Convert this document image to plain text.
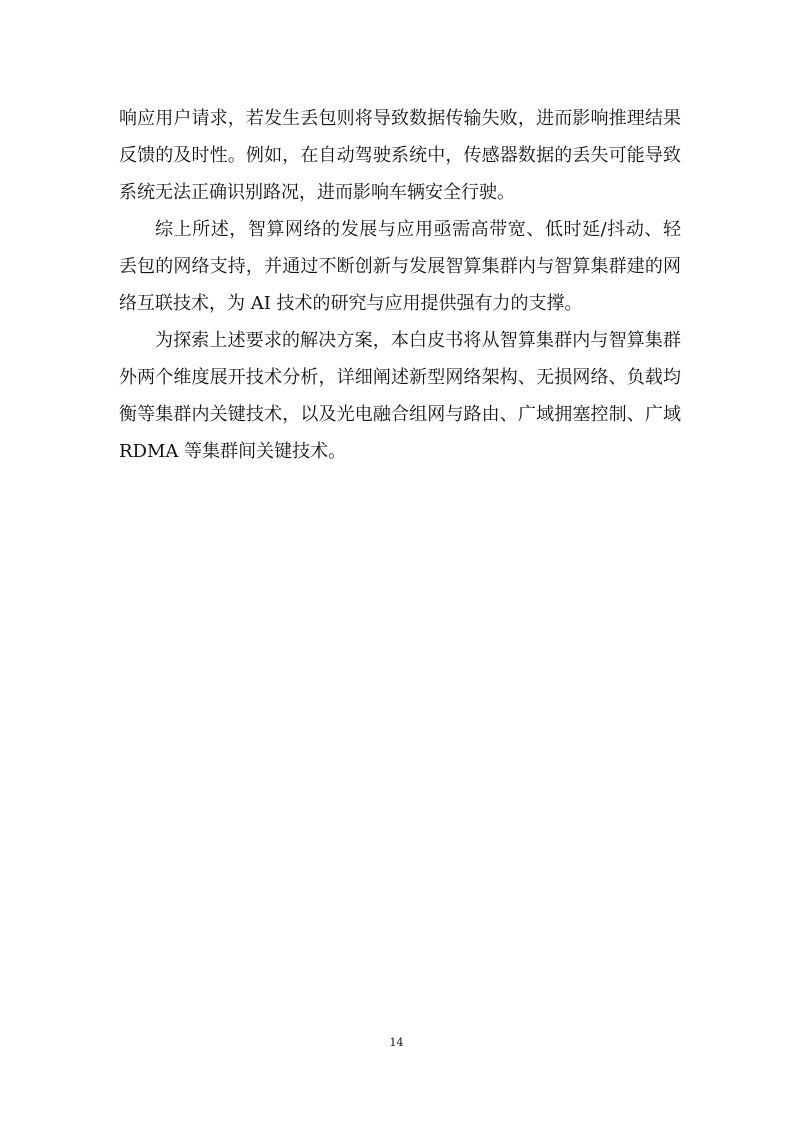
响应用户请求，若发生丢包则将导致数据传输失败，进而影响推理结果反馈的及时性。例如，在自动驾驶系统中，传感器数据的丢失可能导致系统无法正确识别路况，进而影响车辆安全行驶。

综上所述，智算网络的发展与应用亟需高带宽、低时延/抖动、轻丢包的网络支持，并通过不断创新与发展智算集群内与智算集群建的网络互联技术，为 AI 技术的研究与应用提供强有力的支撑。

为探索上述要求的解决方案，本白皮书将从智算集群内与智算集群外两个维度展开技术分析，详细阐述新型网络架构、无损网络、负载均衡等集群内关键技术，以及光电融合组网与路由、广域拥塞控制、广域 RDMA 等集群间关键技术。

14
